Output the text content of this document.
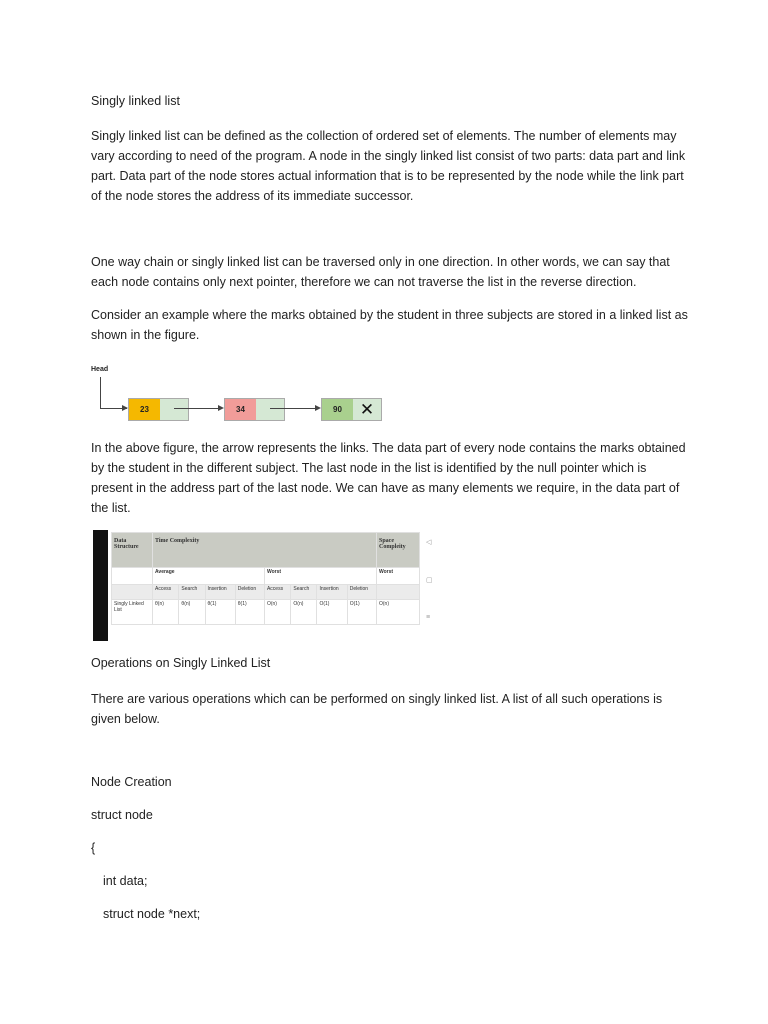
Singly linked list

Singly linked list can be defined as the collection of ordered set of elements. The number of elements may vary according to need of the program. A node in the singly linked list consist of two parts: data part and link part. Data part of the node stores actual information that is to be represented by the node while the link part of the node stores the address of its immediate successor.

One way chain or singly linked list can be traversed only in one direction. In other words, we can say that each node contains only next pointer, therefore we can not traverse the list in the reverse direction.

Consider an example where the marks obtained by the student in three subjects are stored in a linked list as shown in the figure.

Head
23	34	90	✕

In the above figure, the arrow represents the links. The data part of every node contains the marks obtained by the student in the different subject. The last node in the list is identified by the null pointer which is present in the address part of the last node. We can have as many elements we require, in the data part of the list.

Data Structure	Time Complexity								Space Compleity
	Average				Worst				Worst
	Access	Search	Insertion	Deletion	Access	Search	Insertion	Deletion	
Singly Linked List	θ(n)	θ(n)	θ(1)	θ(1)	O(n)	O(n)	O(1)	O(1)	O(n)
◁
▢
≡

Operations on Singly Linked List

There are various operations which can be performed on singly linked list. A list of all such operations is given below.

Node Creation

struct node

{

int data;

struct node *next;
